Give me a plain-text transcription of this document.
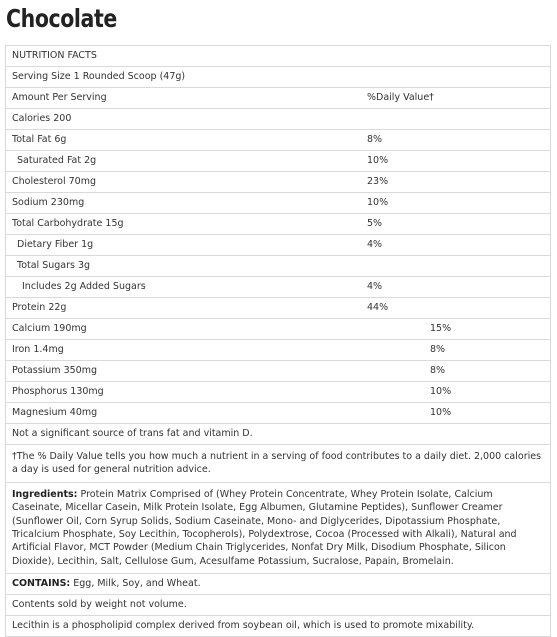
Chocolate
NUTRITION FACTS
Serving Size 1 Rounded Scoop (47g)
Amount Per Serving	%Daily Value†
Calories 200
Total Fat 6g	8%
Saturated Fat 2g	10%
Cholesterol 70mg	23%
Sodium 230mg	10%
Total Carbohydrate 15g	5%
Dietary Fiber 1g	4%
Total Sugars 3g
Includes 2g Added Sugars	4%
Protein 22g	44%
Calcium 190mg	15%
Iron 1.4mg	8%
Potassium 350mg	8%
Phosphorus 130mg	10%
Magnesium 40mg	10%
Not a significant source of trans fat and vitamin D.
†The % Daily Value tells you how much a nutrient in a serving of food contributes to a daily diet. 2,000 calories a day is used for general nutrition advice.
Ingredients: Protein Matrix Comprised of (Whey Protein Concentrate, Whey Protein Isolate, Calcium Caseinate, Micellar Casein, Milk Protein Isolate, Egg Albumen, Glutamine Peptides), Sunflower Creamer (Sunflower Oil, Corn Syrup Solids, Sodium Caseinate, Mono- and Diglycerides, Dipotassium Phosphate, Tricalcium Phosphate, Soy Lecithin, Tocopherols), Polydextrose, Cocoa (Processed with Alkali), Natural and Artificial Flavor, MCT Powder (Medium Chain Triglycerides, Nonfat Dry Milk, Disodium Phosphate, Silicon Dioxide), Lecithin, Salt, Cellulose Gum, Acesulfame Potassium, Sucralose, Papain, Bromelain.
CONTAINS: Egg, Milk, Soy, and Wheat.
Contents sold by weight not volume.
Lecithin is a phospholipid complex derived from soybean oil, which is used to promote mixability.
